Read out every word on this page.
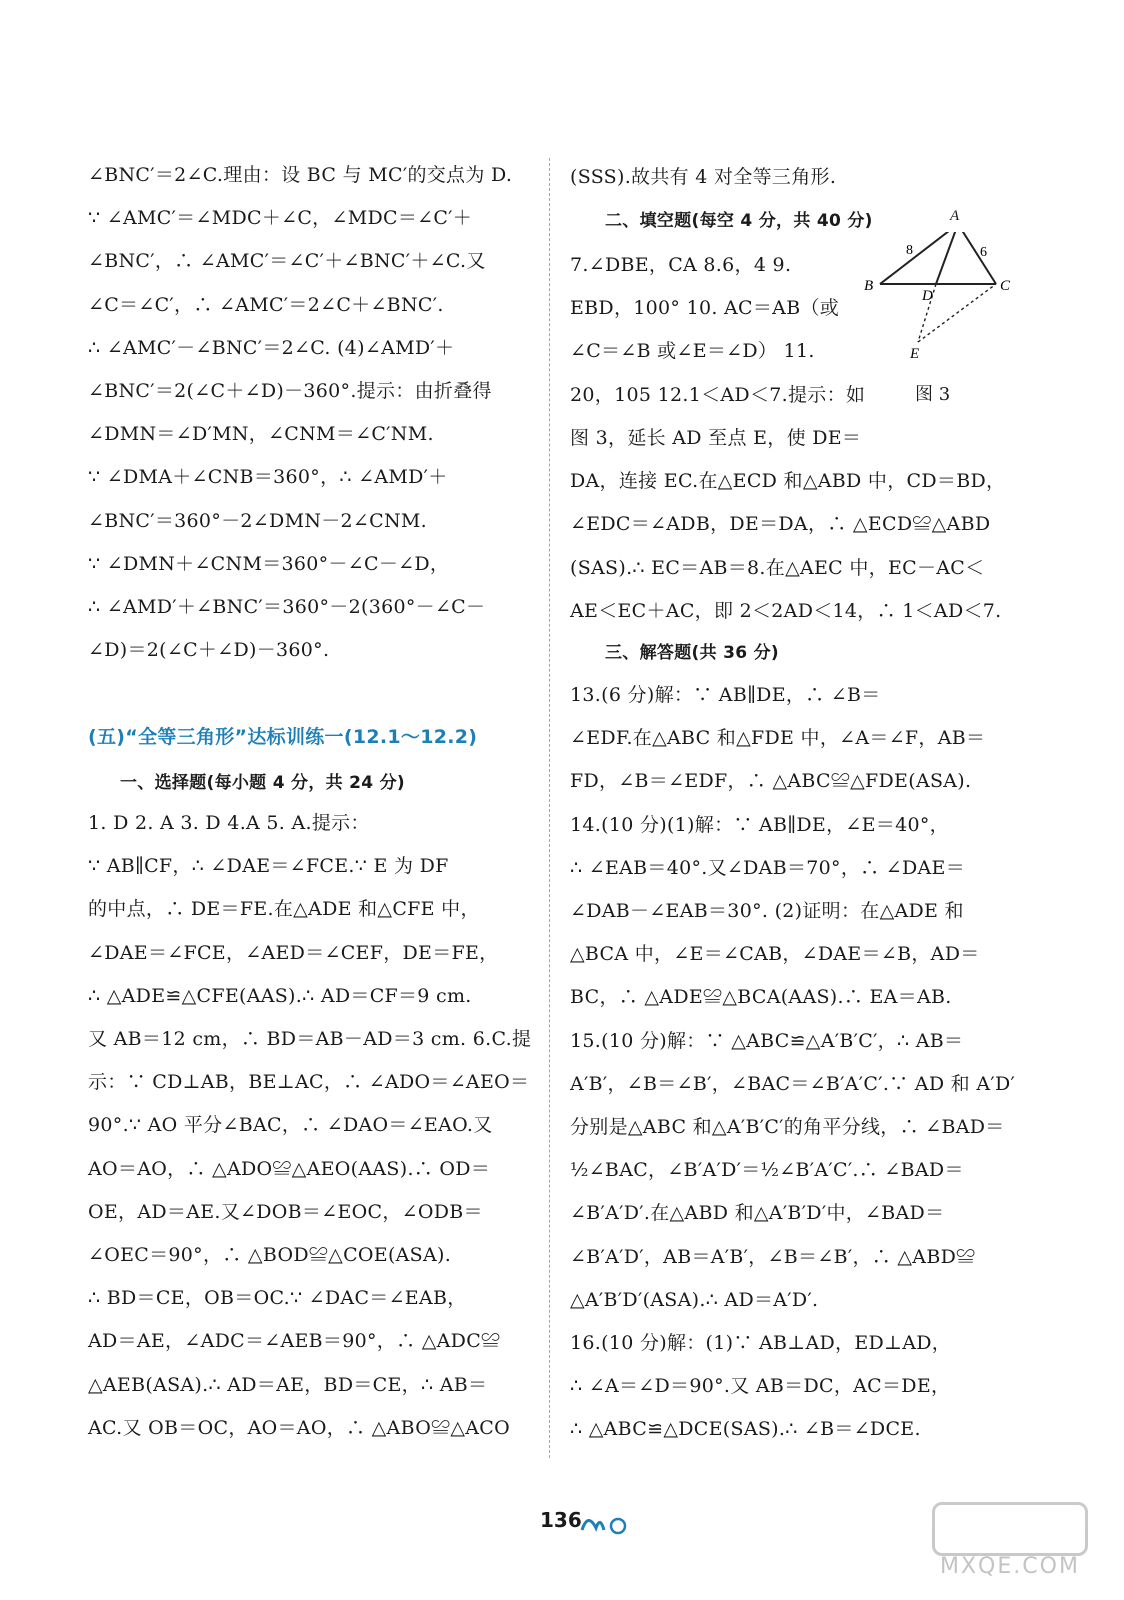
∠BNC′＝2∠C.理由：设 BC 与 MC′的交点为 D.
∵ ∠AMC′＝∠MDC＋∠C，∠MDC＝∠C′＋
∠BNC′，∴ ∠AMC′＝∠C′＋∠BNC′＋∠C.又
∠C＝∠C′，∴ ∠AMC′＝2∠C＋∠BNC′.
∴ ∠AMC′－∠BNC′＝2∠C. (4)∠AMD′＋
∠BNC′＝2(∠C＋∠D)－360°.提示：由折叠得
∠DMN＝∠D′MN，∠CNM＝∠C′NM.
∵ ∠DMA＋∠CNB＝360°，∴ ∠AMD′＋
∠BNC′＝360°－2∠DMN－2∠CNM.
∵ ∠DMN＋∠CNM＝360°－∠C－∠D，
∴ ∠AMD′＋∠BNC′＝360°－2(360°－∠C－
∠D)＝2(∠C＋∠D)－360°.
1. D 2. A 3. D 4.A 5. A.提示：
∵ AB∥CF，∴ ∠DAE＝∠FCE.∵ E 为 DF
的中点，∴ DE＝FE.在△ADE 和△CFE 中，
∠DAE＝∠FCE，∠AED＝∠CEF，DE＝FE，
∴ △ADE≌△CFE(AAS).∴ AD＝CF＝9 cm.
又 AB＝12 cm，∴ BD＝AB－AD＝3 cm. 6.C.提
示：∵ CD⊥AB，BE⊥AC，∴ ∠ADO＝∠AEO＝
90°.∵ AO 平分∠BAC，∴ ∠DAO＝∠EAO.又
AO＝AO，∴ △ADO≌△AEO(AAS).∴ OD＝
OE，AD＝AE.又∠DOB＝∠EOC，∠ODB＝
∠OEC＝90°，∴ △BOD≌△COE(ASA).
∴ BD＝CE，OB＝OC.∵ ∠DAC＝∠EAB，
AD＝AE，∠ADC＝∠AEB＝90°，∴ △ADC≌
△AEB(ASA).∴ AD＝AE，BD＝CE，∴ AB＝
AC.又 OB＝OC，AO＝AO，∴ △ABO≌△ACO
(五)“全等三角形”达标训练一(12.1～12.2)
一、选择题(每小题 4 分，共 24 分)
(SSS).故共有 4 对全等三角形.
二、填空题(每空 4 分，共 40 分)
7.∠DBE，CA 8.6，4 9.
EBD，100° 10. AC＝AB（或
∠C＝∠B 或∠E＝∠D） 11.
20，105 12.1＜AD＜7.提示：如
图 3，延长 AD 至点 E，使 DE＝
DA，连接 EC.在△ECD 和△ABD 中，CD＝BD，
∠EDC＝∠ADB，DE＝DA，∴ △ECD≌△ABD
(SAS).∴ EC＝AB＝8.在△AEC 中，EC－AC＜
AE＜EC＋AC，即 2＜2AD＜14，∴ 1＜AD＜7.
三、解答题(共 36 分)
13.(6 分)解：∵ AB∥DE，∴ ∠B＝
∠EDF.在△ABC 和△FDE 中，∠A＝∠F，AB＝
FD，∠B＝∠EDF，∴ △ABC≌△FDE(ASA).
14.(10 分)(1)解：∵ AB∥DE，∠E＝40°，
∴ ∠EAB＝40°.又∠DAB＝70°，∴ ∠DAE＝
∠DAB－∠EAB＝30°. (2)证明：在△ADE 和
△BCA 中，∠E＝∠CAB，∠DAE＝∠B，AD＝
BC，∴ △ADE≌△BCA(AAS).∴ EA＝AB.
15.(10 分)解：∵ △ABC≌△A′B′C′，∴ AB＝
A′B′，∠B＝∠B′，∠BAC＝∠B′A′C′.∵ AD 和 A′D′
分别是△ABC 和△A′B′C′的角平分线，∴ ∠BAD＝
½∠BAC，∠B′A′D′＝½∠B′A′C′.∴ ∠BAD＝
∠B′A′D′.在△ABD 和△A′B′D′中，∠BAD＝
∠B′A′D′，AB＝A′B′，∠B＝∠B′，∴ △ABD≌
△A′B′D′(ASA).∴ AD＝A′D′.
16.(10 分)解：(1)∵ AB⊥AD，ED⊥AD，
∴ ∠A＝∠D＝90°.又 AB＝DC，AC＝DE，
∴ △ABC≌△DCE(SAS).∴ ∠B＝∠DCE.
B	C
D
E
8	6
A
图 3
136
MXQE.COM
